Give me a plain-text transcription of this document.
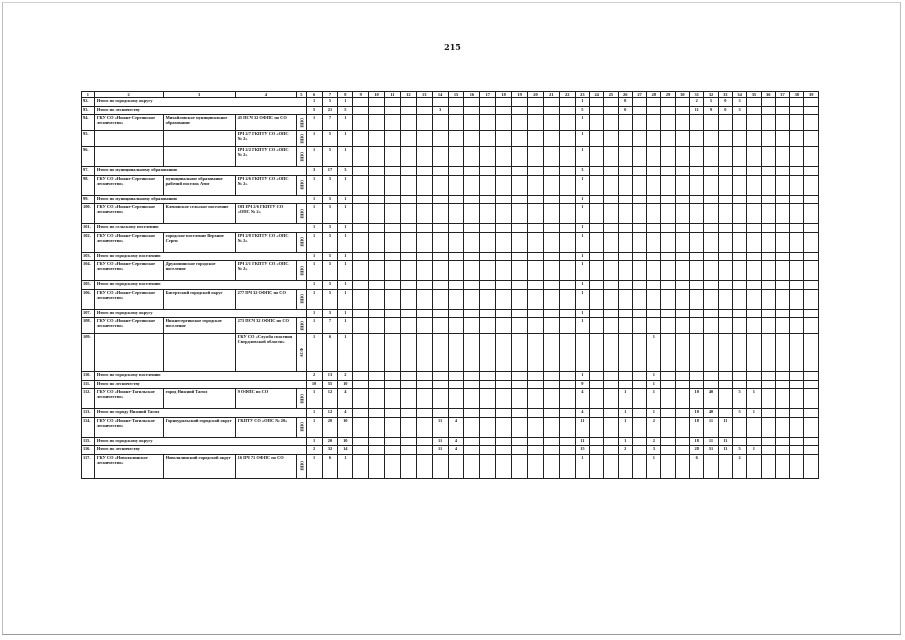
215
1	2	3	4	5	6	7	8	9	10	11	12	13	14	15	16	17	18	19	20	21	22	23	24	25	26	27	28	29	30	31	32	33	34	35	36	37	38	39
92.	Итого по городскому округу				1	5	1															1			0					2	5	0	3					
93.	Итого по лесничеству				5	21	5						3									5			0					11	9	0	3					
94.	ГКУ СО «Нижне-Сергинское лесничество»	Михайловское муниципальное образование	45 ПСЧ 32 ОФПС по СО	ППО	1	7	1															1																
95.			ПЧ 2/7 ГКПТУ СО «ОПС № 2»	ППО	1	5	1															1																
96.			ПЧ 2/2 ГКПТУ СО «ОПС № 2»	ППО	1	5	1															1																
97.	Итого по муниципальному образованию				3	17	3															3																
98.	ГКУ СО «Нижне-Сергинское лесничество»	муниципальное образование рабочий поселок Атиг	ПЧ 2/6 ГКПТУ СО «ОПС № 2»	ППО	1	5	1															1																
99.	Итого по муниципальному образованию				1	5	1															1																
100.	ГКУ СО «Нижне-Сергинское лесничество»	Кленовское сельское поселение	ОП ПЧ 2/6 ГКПТУ СО «ОПС № 2»	ППО	1	5	1															1																
101.	Итого по сельскому поселению				1	5	1															1																
102.	ГКУ СО «Нижне-Сергинское лесничество»	городское поселение Верхние Серги	ПЧ 2/8 ГКПТУ СО «ОПС № 2»	ППО	1	5	1															1																
103.	Итого по городскому поселению				1	5	1															1																
104.	ГКУ СО «Нижне-Сергинское лесничество»	Дружининское городское поселение	ПЧ 2/1 ГКПТУ СО «ОПС № 2»	ППО	1	5	1															1																
105.	Итого по городскому поселению				1	5	1															1																
106.	ГКУ СО «Нижне-Сергинское лесничество»	Бисертский городской округ	277 ПЧ 32 ОФПС по СО	ППО	1	5	1															1																
107.	Итого по городскому округу				1	5	1															1																
108.	ГКУ СО «Нижне-Сергинское лесничество»	Нижнесергинское городское поселение	273 ПСЧ 32 ОФПС по СО	ППО	1	7	1															1																
109.			ГКУ СО «Служба спасения Свердловской области»	АСФ	1	6	1																				1											
110.	Итого по городскому поселению				2	13	2															1					1											
111.	Итого по лесничеству				10	55	10															9					1											
112.	ГКУ СО «Нижне-Тагильское лесничество»	город Нижний Тагил	9 ОФПС по СО	ППО	1	12	4															4			1		1			10	40		5	1				
113.	Итого по городу Нижний Тагил				1	12	4															4			1		1			10	40		5	1				
114.	ГКУ СО «Нижне-Тагильское лесничество»	Горноуральский городской округ	ГКПТУ СО «ОПС № 20»	ППО	1	20	10						11	4								11			1		2			18	11	11						
115.	Итого по городскому округу				1	20	10						11	4								11			1		2			18	11	11						
116.	Итого по лесничеству				2	32	14						11	4								15			2		3			28	51	11	5	1				
117.	ГКУ СО «Новолялинское лесничество»	Новолялинский городской округ	16 ПЧ 71 ОФПС по СО	ППО	1	6	1															1					1			6			2					
